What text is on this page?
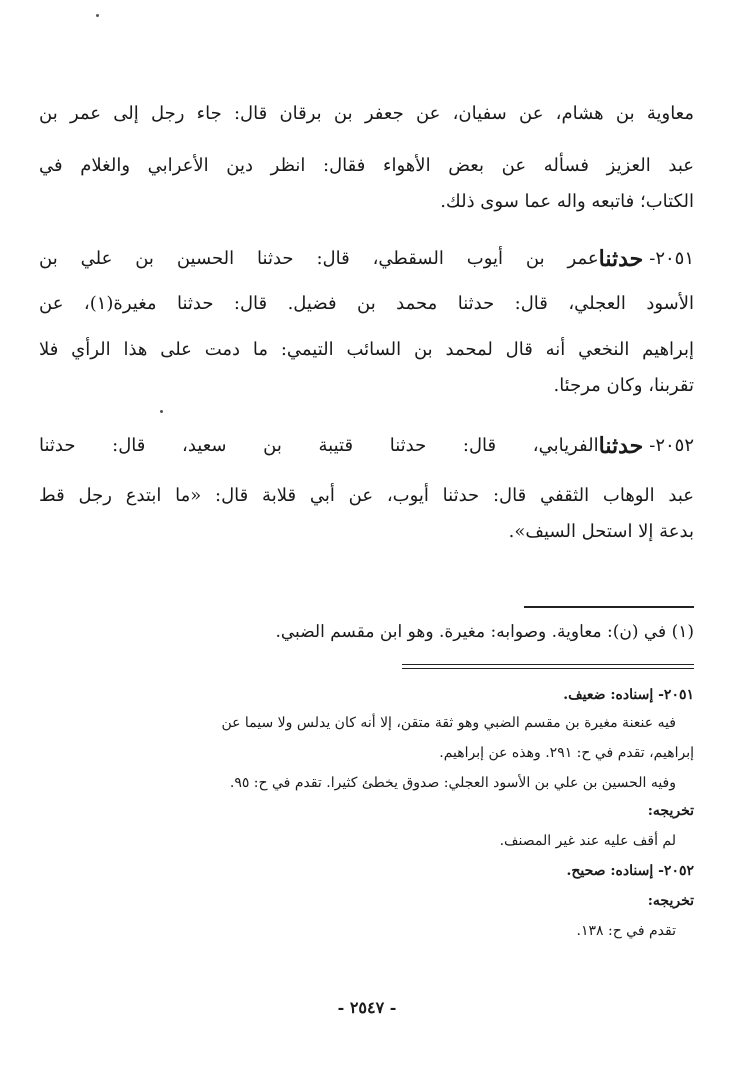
معاوية بن هشام، عن سفيان، عن جعفر بن برقان قال: جاء رجل إلى عمر بن
عبد العزيز فسأله عن بعض الأهواء فقال: انظر دين الأعرابي والغلام في
الكتاب؛ فاتبعه واله عما سوى ذلك.
٢٠٥١-
حدثنا
عمر بن أيوب السقطي، قال: حدثنا الحسين بن علي بن
الأسود العجلي، قال: حدثنا محمد بن فضيل. قال: حدثنا مغيرة(١)، عن
إبراهيم النخعي أنه قال لمحمد بن السائب التيمي: ما دمت على هذا الرأي فلا
تقربنا، وكان مرجئا.
٢٠٥٢-
حدثنا
الفريابي، قال: حدثنا قتيبة بن سعيد، قال: حدثنا
عبد الوهاب الثقفي قال: حدثنا أيوب، عن أبي قلابة قال: «ما ابتدع رجل قط
بدعة إلا استحل السيف».
(١) في (ن): معاوية. وصوابه: مغيرة. وهو ابن مقسم الضبي.
٢٠٥١- إسناده: ضعيف.
فيه عنعنة مغيرة بن مقسم الضبي وهو ثقة متقن، إلا أنه كان يدلس ولا سيما عن
إبراهيم، تقدم في ح: ٢٩١. وهذه عن إبراهيم.
وفيه الحسين بن علي بن الأسود العجلي: صدوق يخطئ كثيرا. تقدم في ح: ٩٥.
تخريجه:
لم أقف عليه عند غير المصنف.
٢٠٥٢- إسناده: صحيح.
تخريجه:
تقدم في ح: ١٣٨.
- ٢٥٤٧ -
